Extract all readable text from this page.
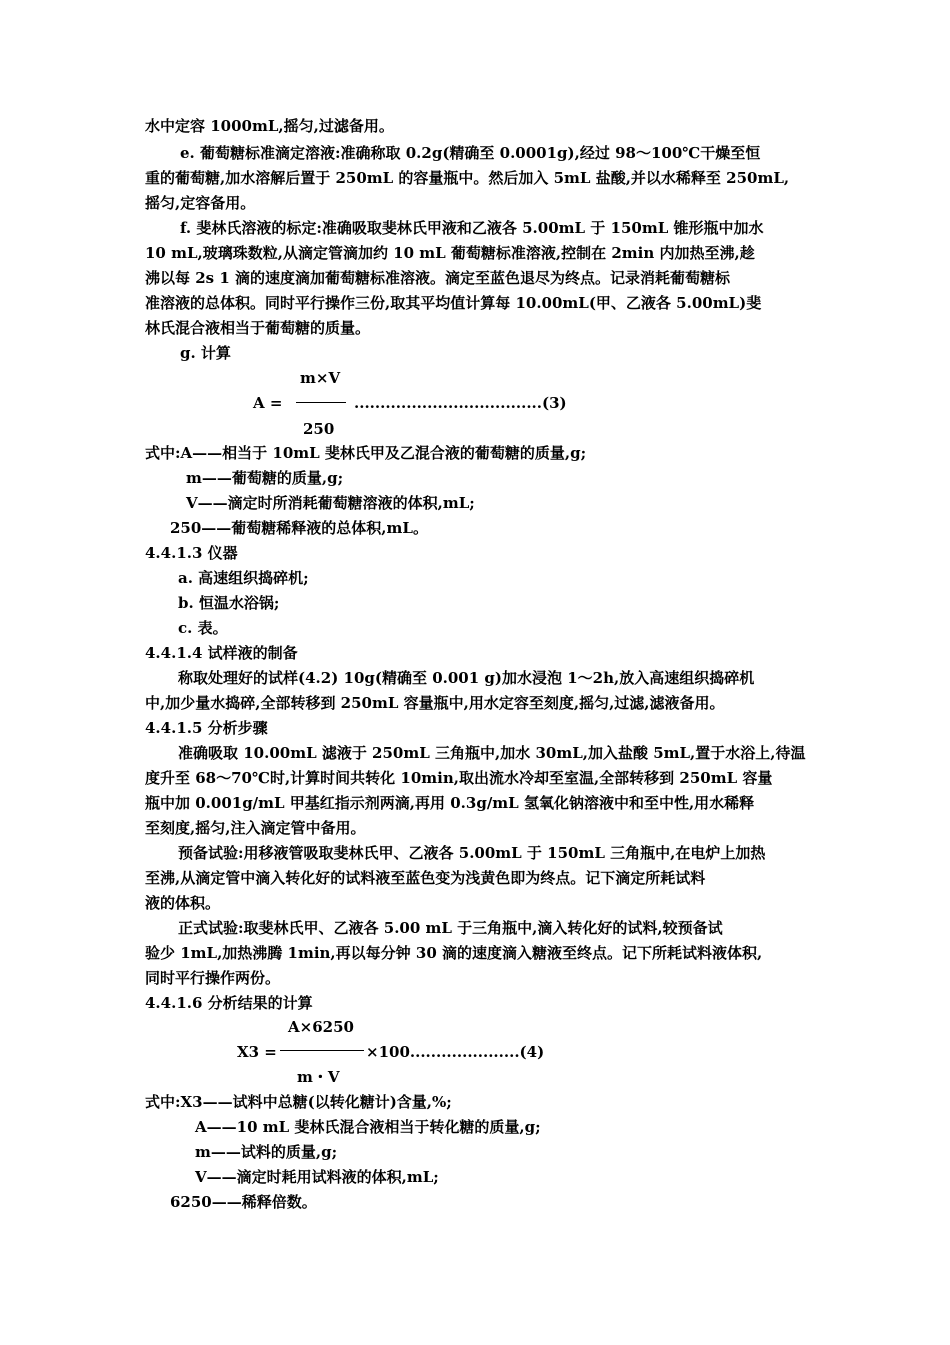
水中定容 1000mL,摇匀,过滤备用。
e. 葡萄糖标准滴定溶液:准确称取 0.2g(精确至 0.0001g),经过 98～100℃干燥至恒
重的葡萄糖,加水溶解后置于 250mL 的容量瓶中。然后加入 5mL 盐酸,并以水稀释至 250mL,
摇匀,定容备用。
f. 斐林氏溶液的标定:准确吸取斐林氏甲液和乙液各 5.00mL 于 150mL 锥形瓶中加水
10 mL,玻璃珠数粒,从滴定管滴加约 10 mL 葡萄糖标准溶液,控制在 2min 内加热至沸,趁
沸以每 2s 1 滴的速度滴加葡萄糖标准溶液。滴定至蓝色退尽为终点。记录消耗葡萄糖标
准溶液的总体积。同时平行操作三份,取其平均值计算每 10.00mL(甲、乙液各 5.00mL)斐
林氏混合液相当于葡萄糖的质量。
g. 计算
m×V
A =	....................................(3)
250
式中:A——相当于 10mL 斐林氏甲及乙混合液的葡萄糖的质量,g;
m——葡萄糖的质量,g;
V——滴定时所消耗葡萄糖溶液的体积,mL;
250——葡萄糖稀释液的总体积,mL。
4.4.1.3 仪器
a. 高速组织捣碎机;
b. 恒温水浴锅;
c. 表。
4.4.1.4 试样液的制备
称取处理好的试样(4.2) 10g(精确至 0.001 g)加水浸泡 1～2h,放入高速组织捣碎机
中,加少量水捣碎,全部转移到 250mL 容量瓶中,用水定容至刻度,摇匀,过滤,滤液备用。
4.4.1.5 分析步骤
准确吸取 10.00mL 滤液于 250mL 三角瓶中,加水 30mL,加入盐酸 5mL,置于水浴上,待温
度升至 68～70℃时,计算时间共转化 10min,取出流水冷却至室温,全部转移到 250mL 容量
瓶中加 0.001g/mL 甲基红指示剂两滴,再用 0.3g/mL 氢氧化钠溶液中和至中性,用水稀释
至刻度,摇匀,注入滴定管中备用。
预备试验:用移液管吸取斐林氏甲、乙液各 5.00mL 于 150mL 三角瓶中,在电炉上加热
至沸,从滴定管中滴入转化好的试料液至蓝色变为浅黄色即为终点。记下滴定所耗试料
液的体积。
正式试验:取斐林氏甲、乙液各 5.00 mL 于三角瓶中,滴入转化好的试料,较预备试
验少 1mL,加热沸腾 1min,再以每分钟 30 滴的速度滴入糖液至终点。记下所耗试料液体积,
同时平行操作两份。
4.4.1.6 分析结果的计算
A×6250
X3 =	×100.....................(4)
m・V
式中:X3——试料中总糖(以转化糖计)含量,%;
A——10 mL 斐林氏混合液相当于转化糖的质量,g;
m——试料的质量,g;
V——滴定时耗用试料液的体积,mL;
6250——稀释倍数。
